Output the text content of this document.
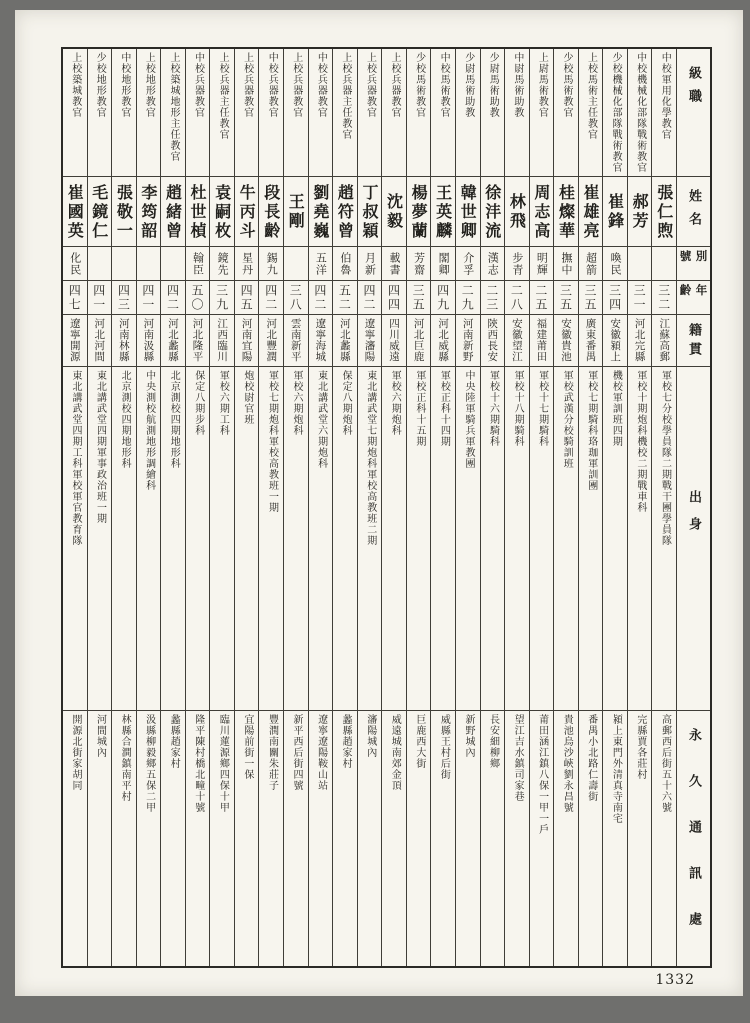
級職
姓名
別號
年齡
籍貫
出身
永久通訊處
中校軍用化學教官
張仁煦
三二
江蘇高郵
軍校七分校學員隊二期戰干團學員隊
高郵西后街五十六號
中校機械化部隊戰術教官
郝芳
三一
河北完縣
軍校十期炮科機校二期戰車科
完縣賈各莊村
少校機械化部隊戰術教官
崔鋒
喚民
三四
安徽潁上
機校軍訓班四期
潁上東門外清真寺南宅
上校馬術主任教官
崔雄亮
超箭
三五
廣東番禺
軍校七期騎科珞珈軍訓團
番禺小北路仁壽街
少校馬術教官
桂燦華
撫中
三五
安徽貴池
軍校武漢分校騎訓班
貴池烏沙峽劉永昌號
上尉馬術教官
周志高
明輝
二五
福建莆田
軍校十七期騎科
莆田涵江鎮八保一甲一戶
中尉馬術助教
林飛
步青
二八
安徽望江
軍校十八期騎科
望江吉水鎮司家巷
少尉馬術助教
徐沣流
漢志
二三
陝西長安
軍校十六期騎科
長安細柳鄉
少尉馬術助教
韓世卿
介孚
二九
河南新野
中央陸軍騎兵軍教團
新野城內
中校馬術教官
王英麟
閣卿
四九
河北威縣
軍校正科十四期
威縣王村后街
少校馬術教官
楊夢蘭
芳齋
三五
河北巨鹿
軍校正科十五期
巨鹿西大街
上校兵器教官
沈毅
載書
四四
四川威遠
軍校六期炮科
威遠城南郊金頂
上校兵器教官
丁叔穎
月新
四二
遼寧瀋陽
東北講武堂七期炮科軍校高教班二期
瀋陽城內
上校兵器主任教官
趙符曾
伯魯
五二
河北蠡縣
保定八期炮科
蠡縣趙家村
中校兵器教官
劉堯巍
五洋
四二
遼寧海城
東北講武堂六期炮科
遼寧遼陽鞍山站
上校兵器教官
王剛
三八
雲南新平
軍校六期炮科
新平西后街四號
中校兵器教官
段長齡
錫九
四二
河北豐潤
軍校七期炮科軍校高教班一期
豐潤南關朱莊子
上校兵器教官
牛丙斗
星丹
四五
河南宜陽
炮校尉官班
宜陽前街一保
上校兵器主任教官
袁嗣枚
鏡先
三九
江西臨川
軍校六期工科
臨川蓮源鄉四保十甲
中校兵器教官
杜世楨
翰臣
五〇
河北隆平
保定八期步科
隆平陳村橋北疃十號
上校築城地形主任教官
趙緒曾
四二
河北蠡縣
北京測校四期地形科
蠡縣趙家村
上校地形教官
李筠韶
四一
河南汲縣
中央測校航測地形調繪科
汲縣柳毅鄉五保二甲
中校地形教官
張敬一
四三
河南林縣
北京測校四期地形科
林縣合澗鎮南平村
少校地形教官
毛鏡仁
四一
河北河間
東北講武堂四期軍事政治班一期
河間城內
上校築城教官
崔國英
化民
四七
遼寧開源
東北講武堂四期工科軍校軍官教育隊
開源北街家胡同
1332
